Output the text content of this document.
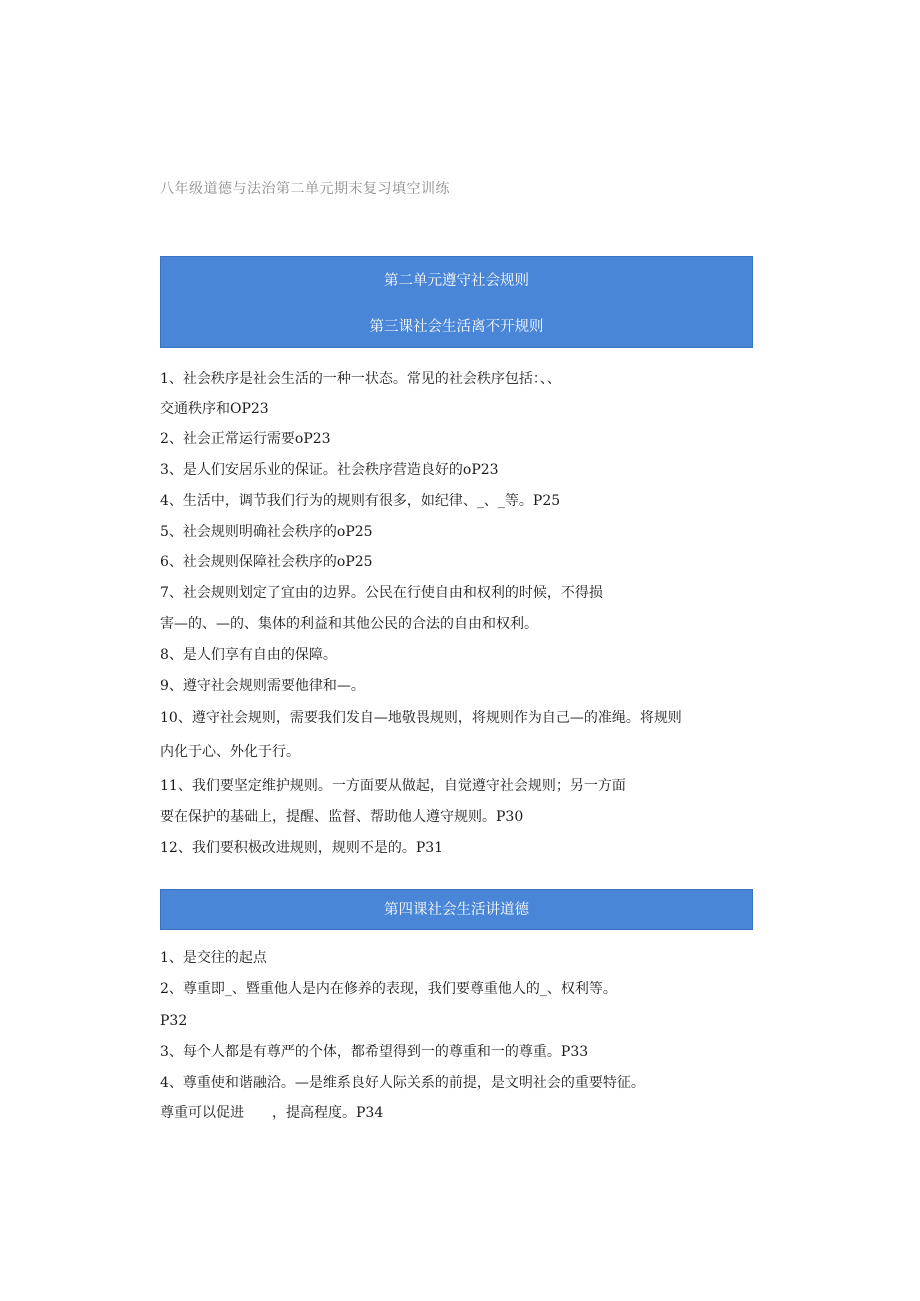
八年级道德与法治第二单元期末复习填空训练
第二单元遵守社会规则
第三课社会生活离不开规则
1、社会秩序是社会生活的一种一状态。常见的社会秩序包括：、、
交通秩序和OP23
2、社会正常运行需要oP23
3、是人们安居乐业的保证。社会秩序营造良好的oP23
4、生活中，调节我们行为的规则有很多，如纪律、_、_等。P25
5、社会规则明确社会秩序的oP25
6、社会规则保障社会秩序的oP25
7、社会规则划定了宜由的边界。公民在行使自由和权利的时候，不得损
害—的、—的、集体的利益和其他公民的合法的自由和权利。
8、是人们享有自由的保障。
9、遵守社会规则需要他律和—。
10、遵守社会规则，需要我们发自—地敬畏规则，将规则作为自己—的准绳。将规则
内化于心、外化于行。
11、我们要坚定维护规则。一方面要从做起，自觉遵守社会规则；另一方面
要在保护的基础上，提醒、监督、帮助他人遵守规则。P30
12、我们要积极改进规则，规则不是的。P31
第四课社会生活讲道德
1、是交往的起点
2、尊重即_、暨重他人是内在修养的表现，我们要尊重他人的_、权利等。
P32
3、每个人都是有尊严的个体，都希望得到一的尊重和一的尊重。P33
4、尊重使和谐融洽。—是维系良好人际关系的前提，是文明社会的重要特征。
尊重可以促进　　，提高程度。P34
